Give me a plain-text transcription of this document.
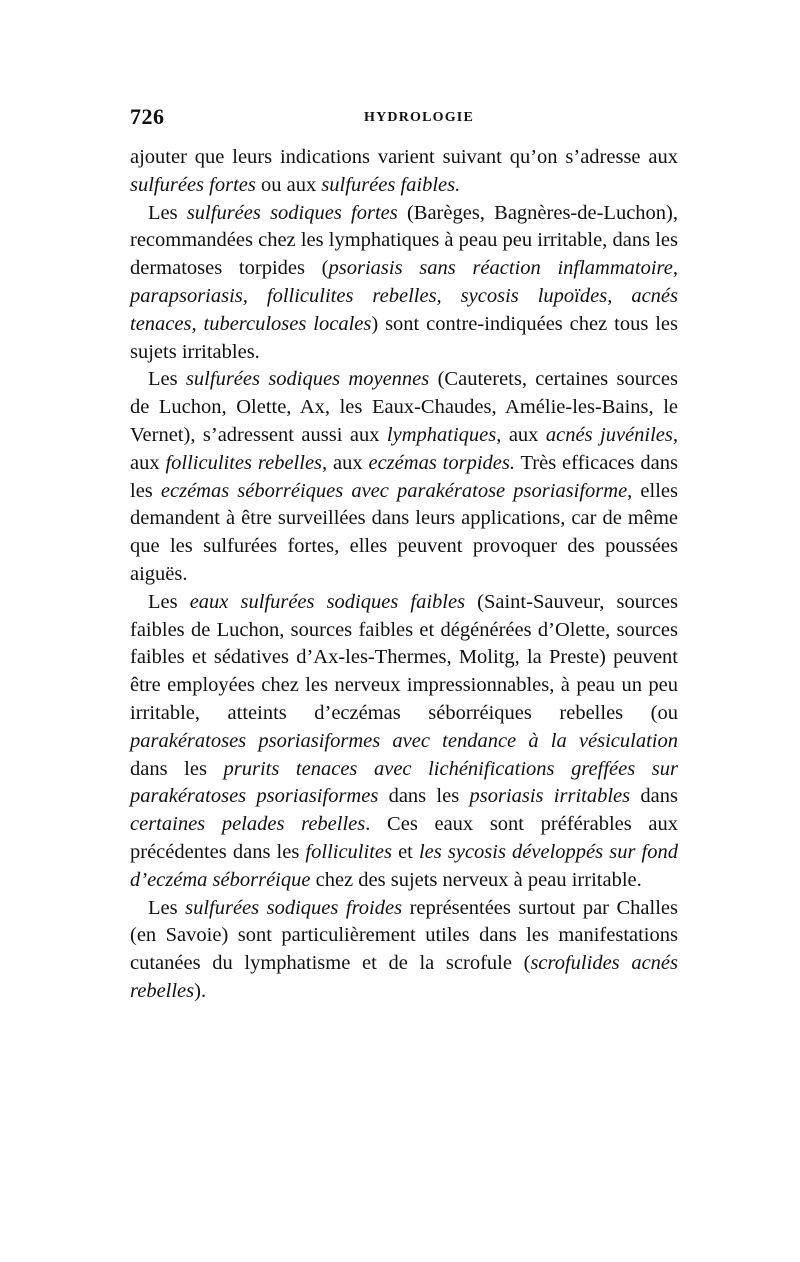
726	HYDROLOGIE

ajouter que leurs indications varient suivant qu’on s’adresse aux sulfurées fortes ou aux sulfurées faibles.

Les sulfurées sodiques fortes (Barèges, Bagnères-de-Luchon), recommandées chez les lymphatiques à peau peu irritable, dans les dermatoses torpides (psoriasis sans réaction inflammatoire, parapsoriasis, folliculites rebelles, sycosis lupoïdes, acnés tenaces, tuberculoses locales) sont contre-indiquées chez tous les sujets irritables.

Les sulfurées sodiques moyennes (Cauterets, certaines sources de Luchon, Olette, Ax, les Eaux-Chaudes, Amélie-les-Bains, le Vernet), s’adressent aussi aux lymphatiques, aux acnés juvéniles, aux folliculites rebelles, aux eczémas torpides. Très efficaces dans les eczémas séborréiques avec parakératose psoriasiforme, elles demandent à être surveillées dans leurs applications, car de même que les sulfurées fortes, elles peuvent provoquer des poussées aiguës.

Les eaux sulfurées sodiques faibles (Saint-Sauveur, sources faibles de Luchon, sources faibles et dégénérées d’Olette, sources faibles et sédatives d’Ax-les-Thermes, Molitg, la Preste) peuvent être employées chez les nerveux impressionnables, à peau un peu irritable, atteints d’eczémas séborréiques rebelles (ou parakératoses psoriasiformes avec tendance à la vésiculation dans les prurits tenaces avec lichénifications greffées sur parakératoses psoriasiformes dans les psoriasis irritables dans certaines pelades rebelles. Ces eaux sont préférables aux précédentes dans les folliculites et les sycosis développés sur fond d’eczéma séborréique chez des sujets nerveux à peau irritable.

Les sulfurées sodiques froides représentées surtout par Challes (en Savoie) sont particulièrement utiles dans les manifestations cutanées du lymphatisme et de la scrofule (scrofulides acnés rebelles).
